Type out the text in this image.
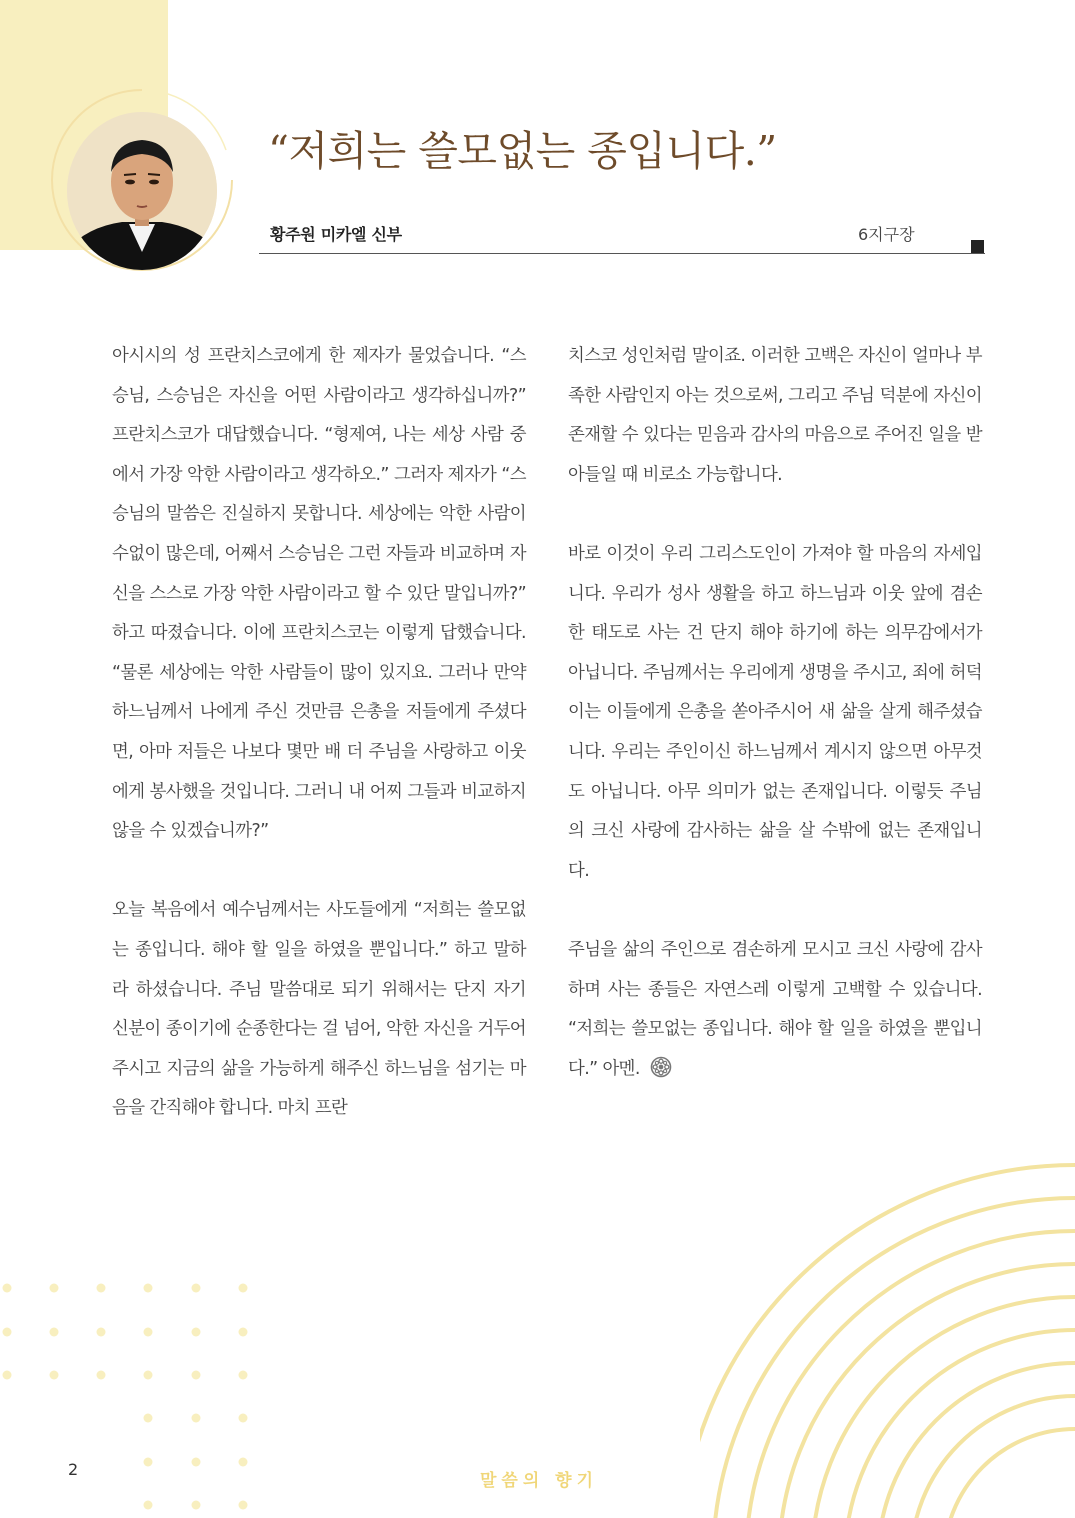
“저희는 쓸모없는 종입니다.”
황주원 미카엘 신부	6지구장

아시시의 성 프란치스코에게 한 제자가 물었습니다. “스승님, 스승님은 자신을 어떤 사람이라고 생각하십니까?” 프란치스코가 대답했습니다. “형제여, 나는 세상 사람 중에서 가장 악한 사람이라고 생각하오.” 그러자 제자가 “스승님의 말씀은 진실하지 못합니다. 세상에는 악한 사람이 수없이 많은데, 어째서 스승님은 그런 자들과 비교하며 자신을 스스로 가장 악한 사람이라고 할 수 있단 말입니까?” 하고 따졌습니다. 이에 프란치스코는 이렇게 답했습니다. “물론 세상에는 악한 사람들이 많이 있지요. 그러나 만약 하느님께서 나에게 주신 것만큼 은총을 저들에게 주셨다면, 아마 저들은 나보다 몇만 배 더 주님을 사랑하고 이웃에게 봉사했을 것입니다. 그러니 내 어찌 그들과 비교하지 않을 수 있겠습니까?”

오늘 복음에서 예수님께서는 사도들에게 “저희는 쓸모없는 종입니다. 해야 할 일을 하였을 뿐입니다.” 하고 말하라 하셨습니다. 주님 말씀대로 되기 위해서는 단지 자기 신분이 종이기에 순종한다는 걸 넘어, 악한 자신을 거두어주시고 지금의 삶을 가능하게 해주신 하느님을 섬기는 마음을 간직해야 합니다. 마치 프란

치스코 성인처럼 말이죠. 이러한 고백은 자신이 얼마나 부족한 사람인지 아는 것으로써, 그리고 주님 덕분에 자신이 존재할 수 있다는 믿음과 감사의 마음으로 주어진 일을 받아들일 때 비로소 가능합니다.

바로 이것이 우리 그리스도인이 가져야 할 마음의 자세입니다. 우리가 성사 생활을 하고 하느님과 이웃 앞에 겸손한 태도로 사는 건 단지 해야 하기에 하는 의무감에서가 아닙니다. 주님께서는 우리에게 생명을 주시고, 죄에 허덕이는 이들에게 은총을 쏟아주시어 새 삶을 살게 해주셨습니다. 우리는 주인이신 하느님께서 계시지 않으면 아무것도 아닙니다. 아무 의미가 없는 존재입니다. 이렇듯 주님의 크신 사랑에 감사하는 삶을 살 수밖에 없는 존재입니다.

주님을 삶의 주인으로 겸손하게 모시고 크신 사랑에 감사하며 사는 종들은 자연스레 이렇게 고백할 수 있습니다. “저희는 쓸모없는 종입니다. 해야 할 일을 하였을 뿐입니다.” 아멘.

2
말씀의 향기
